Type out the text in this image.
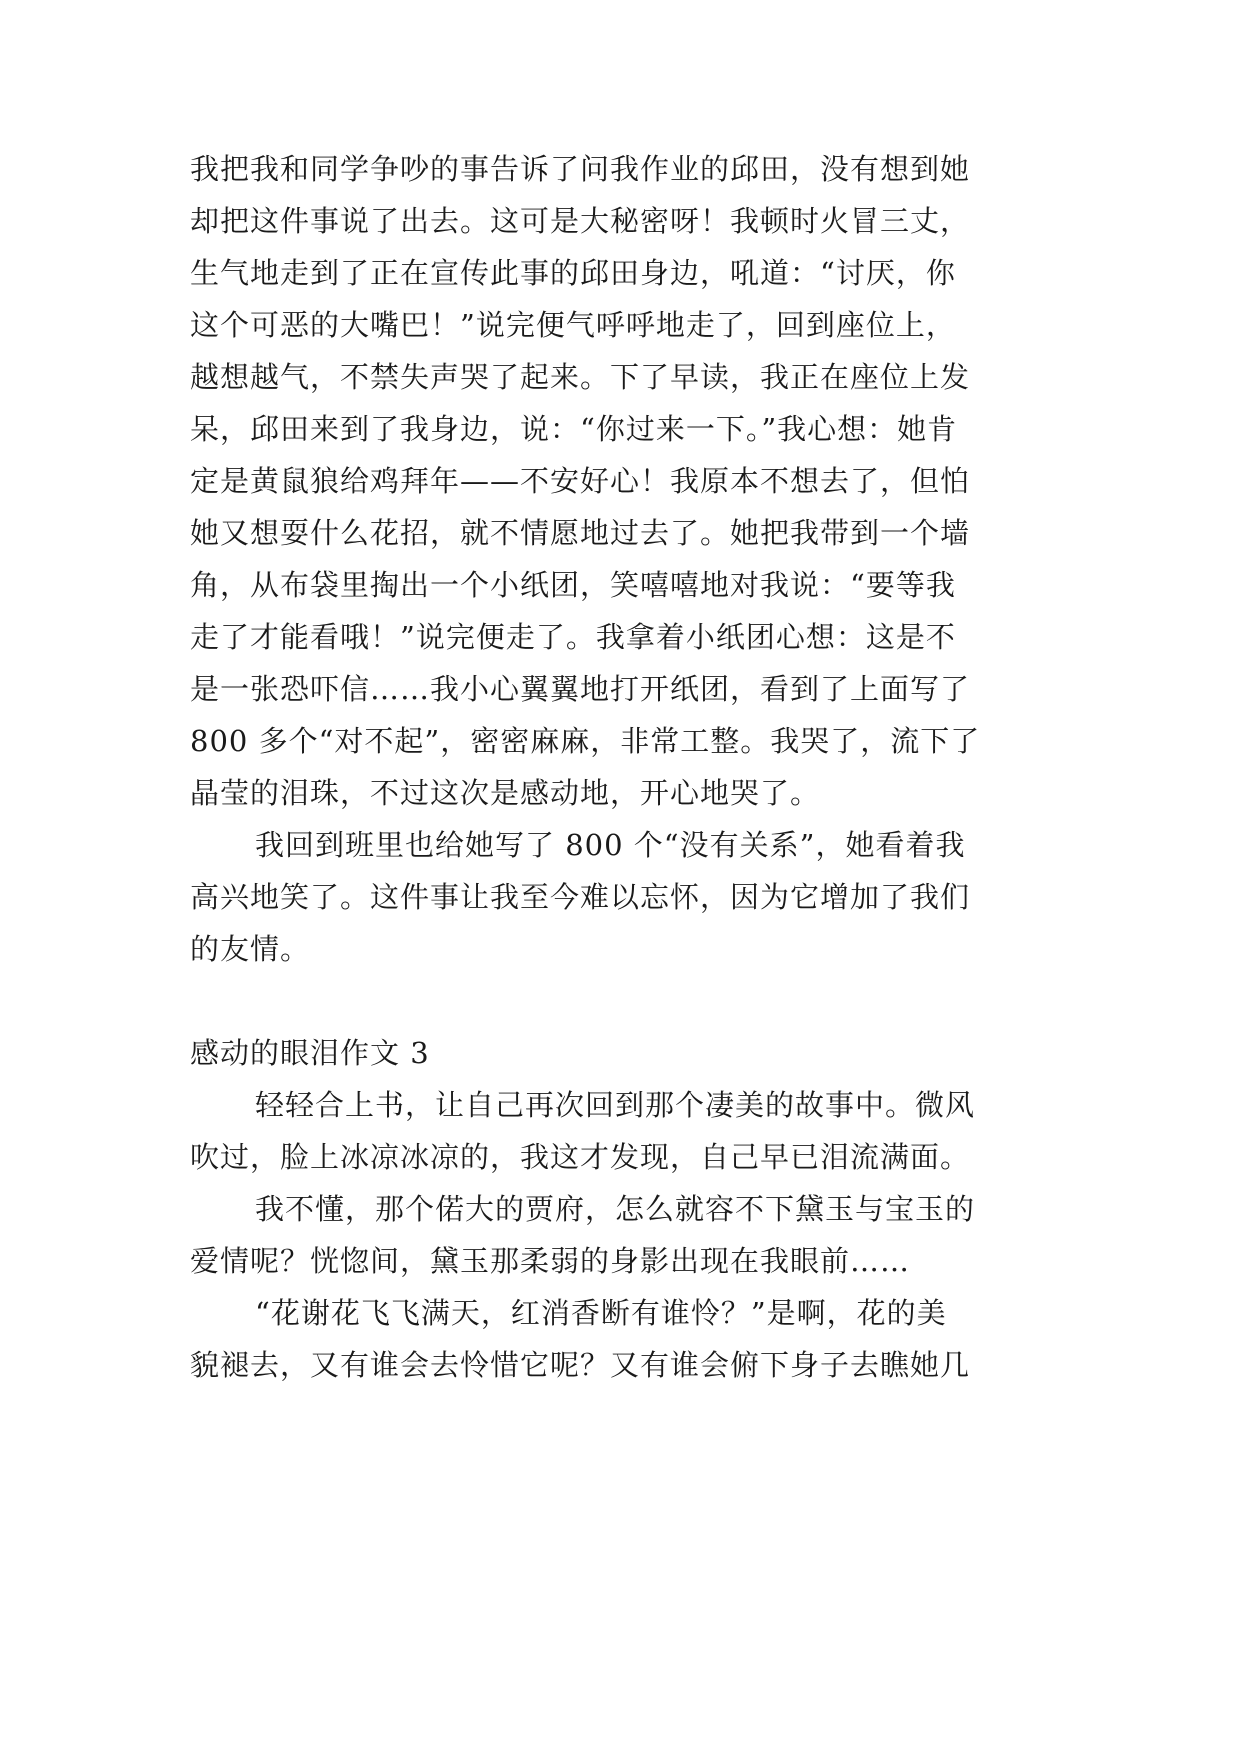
我把我和同学争吵的事告诉了问我作业的邱田，没有想到她
却把这件事说了出去。这可是大秘密呀！我顿时火冒三丈，
生气地走到了正在宣传此事的邱田身边，吼道：“讨厌，你
这个可恶的大嘴巴！”说完便气呼呼地走了，回到座位上，
越想越气，不禁失声哭了起来。下了早读，我正在座位上发
呆，邱田来到了我身边，说：“你过来一下。”我心想：她肯
定是黄鼠狼给鸡拜年——不安好心！我原本不想去了，但怕
她又想耍什么花招，就不情愿地过去了。她把我带到一个墙
角，从布袋里掏出一个小纸团，笑嘻嘻地对我说：“要等我
走了才能看哦！”说完便走了。我拿着小纸团心想：这是不
是一张恐吓信……我小心翼翼地打开纸团，看到了上面写了
800 多个“对不起”，密密麻麻，非常工整。我哭了，流下了
晶莹的泪珠，不过这次是感动地，开心地哭了。
我回到班里也给她写了 800 个“没有关系”，她看着我
高兴地笑了。这件事让我至今难以忘怀，因为它增加了我们
的友情。
感动的眼泪作文 3
轻轻合上书，让自己再次回到那个凄美的故事中。微风
吹过，脸上冰凉冰凉的，我这才发现，自己早已泪流满面。
我不懂，那个偌大的贾府，怎么就容不下黛玉与宝玉的
爱情呢？恍惚间，黛玉那柔弱的身影出现在我眼前……
“花谢花飞飞满天，红消香断有谁怜？”是啊，花的美
貌褪去，又有谁会去怜惜它呢？又有谁会俯下身子去瞧她几
